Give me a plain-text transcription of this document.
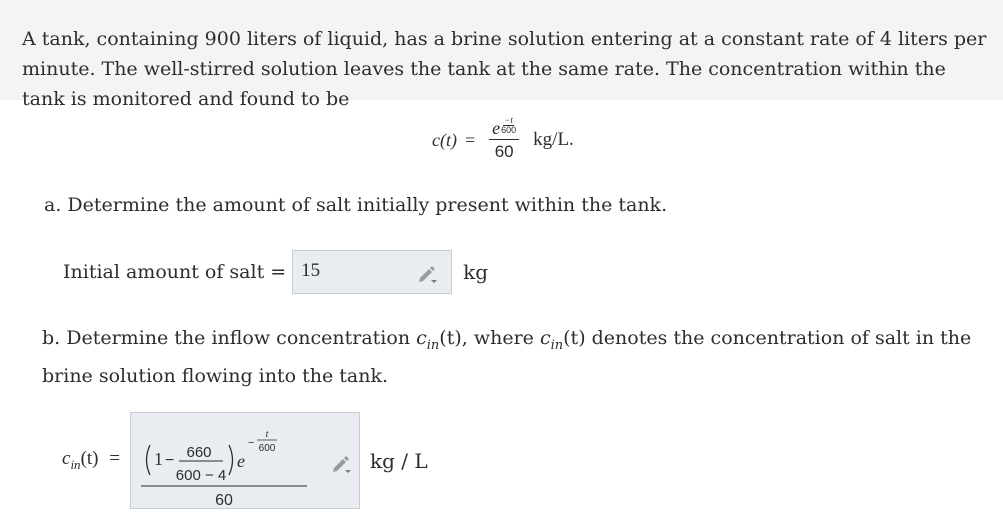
A tank, containing 900 liters of liquid, has a brine solution entering at a constant rate of 4 liters per minute. The well-stirred solution leaves the tank at the same rate. The concentration within the tank is monitored and found to be
$c(t) = \frac{e \frac{-t}{600}}{60} kg/L$.
a. Determine the amount of salt initially present within the tank.
Initial amount of salt = 15	kg
b. Determine the inflow concentration $c_{in}(t)$, where $c_{in}(t)$ denotes the concentration of salt in the brine solution flowing into the tank.
$c_{in}(t) = 1 - 660$
600 − 4
e
−
t
600
60
kg / L
